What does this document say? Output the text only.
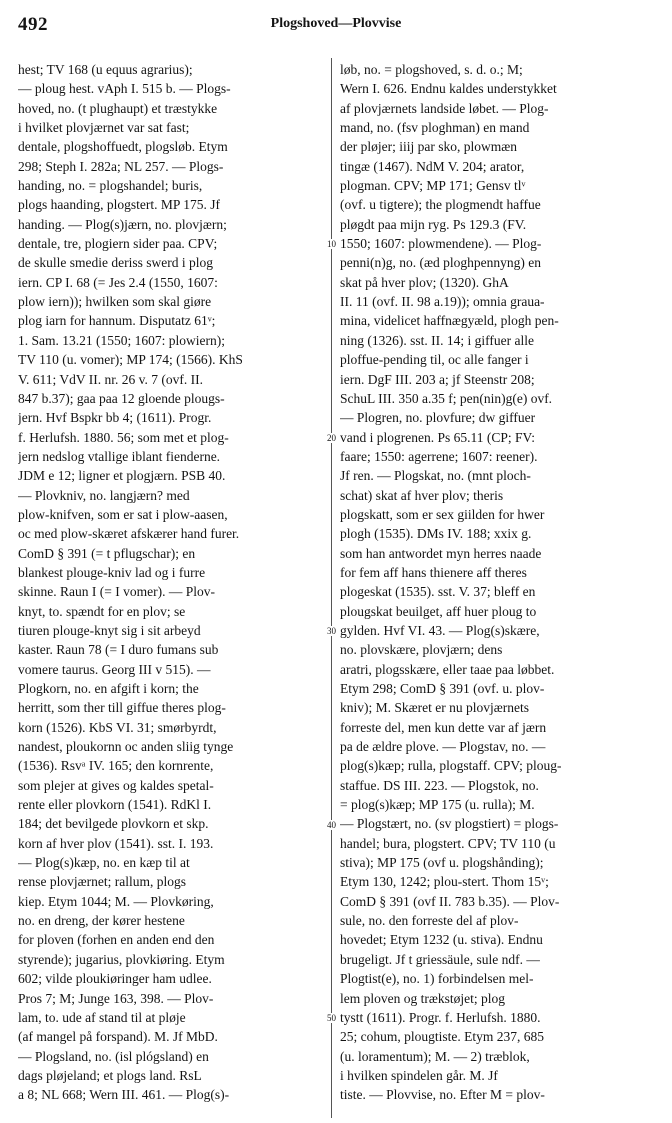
492	Plogshoved—Plovvise
hest; TV 168 (u equus agrarius);
— ploug hest. vAph I. 515 b. — Plogs-
hoved, no. (t plughaupt) et træstykke
i hvilket plovjærnet var sat fast;
dentale, plogshoffuedt, plogsløb. Etym
298; Steph I. 282a; NL 257. — Plogs-
handing, no. = plogshandel; buris,
plogs haanding, plogstert. MP 175. Jf
handing. — Plog(s)jærn, no. plovjærn;
dentale, tre, plogiern sider paa. CPV;
de skulle smedie deriss swerd i plog
iern. CP I. 68 (= Jes 2.4 (1550, 1607:
plow iern)); hwilken som skal giøre
plog iarn for hannum. Disputatz 61ᵛ;
1. Sam. 13.21 (1550; 1607: plowiern);
TV 110 (u. vomer); MP 174; (1566). KhS
V. 611; VdV II. nr. 26 v. 7 (ovf. II.
847 b.37); gaa paa 12 gloende plougs-
jern. Hvf Bspkr bb 4; (1611). Progr.
f. Herlufsh. 1880. 56; som met et plog-
jern nedslog vtallige iblant fienderne.
JDM e 12; ligner et plogjærn. PSB 40.
— Plovkniv, no. langjærn? med
plow-knifven, som er sat i plow-aasen,
oc med plow-skæret afskærer hand furer.
ComD § 391 (= t pflugschar); en
blankest plouge-kniv lad og i furre
skinne. Raun I (= I vomer). — Plov-
knyt, to. spændt for en plov; se
tiuren plouge-knyt sig i sit arbeyd
kaster. Raun 78 (= I duro fumans sub
vomere taurus. Georg III v 515). —
Plogkorn, no. en afgift i korn; the
herritt, som ther till giffue theres plog-
korn (1526). KbS VI. 31; smørbyrdt,
nandest, ploukornn oc anden sliig tynge
(1536). Rsvᵃ IV. 165; den kornrente,
som plejer at gives og kaldes spetal-
rente eller plovkorn (1541). RdKl I.
184; det bevilgede plovkorn et skp.
korn af hver plov (1541). sst. I. 193.
— Plog(s)kæp, no. en kæp til at
rense plovjærnet; rallum, plogs
kiep. Etym 1044; M. — Plovkøring,
no. en dreng, der kører hestene
for ploven (forhen en anden end den
styrende); jugarius, plovkiøring. Etym
602; vilde ploukiøringer ham udlee.
Pros 7; M; Junge 163, 398. — Plov-
lam, to. ude af stand til at pløje
(af mangel på forspand). M. Jf MbD.
— Plogsland, no. (isl plógsland) en
dags pløjeland; et plogs land. RsL
a 8; NL 668; Wern III. 461. — Plog(s)-
løb, no. = plogshoved, s. d. o.; M;
Wern I. 626. Endnu kaldes understykket
af plovjærnets landside løbet. — Plog-
mand, no. (fsv ploghman) en mand
der pløjer; iiij par sko, plowmæn
tingæ (1467). NdM V. 204; arator,
plogman. CPV; MP 171; Gensv tlᵛ
(ovf. u tigtere); the plogmendt haffue
pløgdt paa mijn ryg. Ps 129.3 (FV.
1550; 1607: plowmendene). — Plog-
penni(n)g, no. (æd ploghpennyng) en
skat på hver plov; (1320). GhA
II. 11 (ovf. II. 98 a.19)); omnia graua-
mina, videlicet haffnægyæld, plogh pen-
ning (1326). sst. II. 14; i giffuer alle
ploffue-pending til, oc alle fanger i
iern. DgF III. 203 a; jf Steenstr 208;
SchuL III. 350 a.35 f; pen(nin)g(e) ovf.
— Plogren, no. plovfure; dw giffuer
vand i plogrenen. Ps 65.11 (CP; FV:
faare; 1550: agerrene; 1607: reener).
Jf ren. — Plogskat, no. (mnt ploch-
schat) skat af hver plov; theris
plogskatt, som er sex giilden for hwer
plogh (1535). DMs IV. 188; xxix g.
som han antwordet myn herres naade
for fem aff hans thienere aff theres
plogeskat (1535). sst. V. 37; bleff en
plougskat beuilget, aff huer ploug to
gylden. Hvf VI. 43. — Plog(s)skære,
no. plovskære, plovjærn; dens
aratri, plogsskære, eller taae paa løbbet.
Etym 298; ComD § 391 (ovf. u. plov-
kniv); M. Skæret er nu plovjærnets
forreste del, men kun dette var af jærn
pa de ældre plove. — Plogstav, no. —
plog(s)kæp; rulla, plogstaff. CPV; ploug-
staffue. DS III. 223. — Plogstok, no.
= plog(s)kæp; MP 175 (u. rulla); M.
— Plogstært, no. (sv plogstiert) = plogs-
handel; bura, plogstert. CPV; TV 110 (u
stiva); MP 175 (ovf u. plogshånding);
Etym 130, 1242; plou-stert. Thom 15ᵛ;
ComD § 391 (ovf II. 783 b.35). — Plov-
sule, no. den forreste del af plov-
hovedet; Etym 1232 (u. stiva). Endnu
brugeligt. Jf t griessäule, sule ndf. —
Plogtist(e), no. 1) forbindelsen mel-
lem ploven og trækstøjet; plog
tystt (1611). Progr. f. Herlufsh. 1880.
25; cohum, plougtiste. Etym 237, 685
(u. loramentum); M. — 2) træblok,
i hvilken spindelen går. M. Jf
tiste. — Plovvise, no. Efter M = plov-
10
20
30
40
50
